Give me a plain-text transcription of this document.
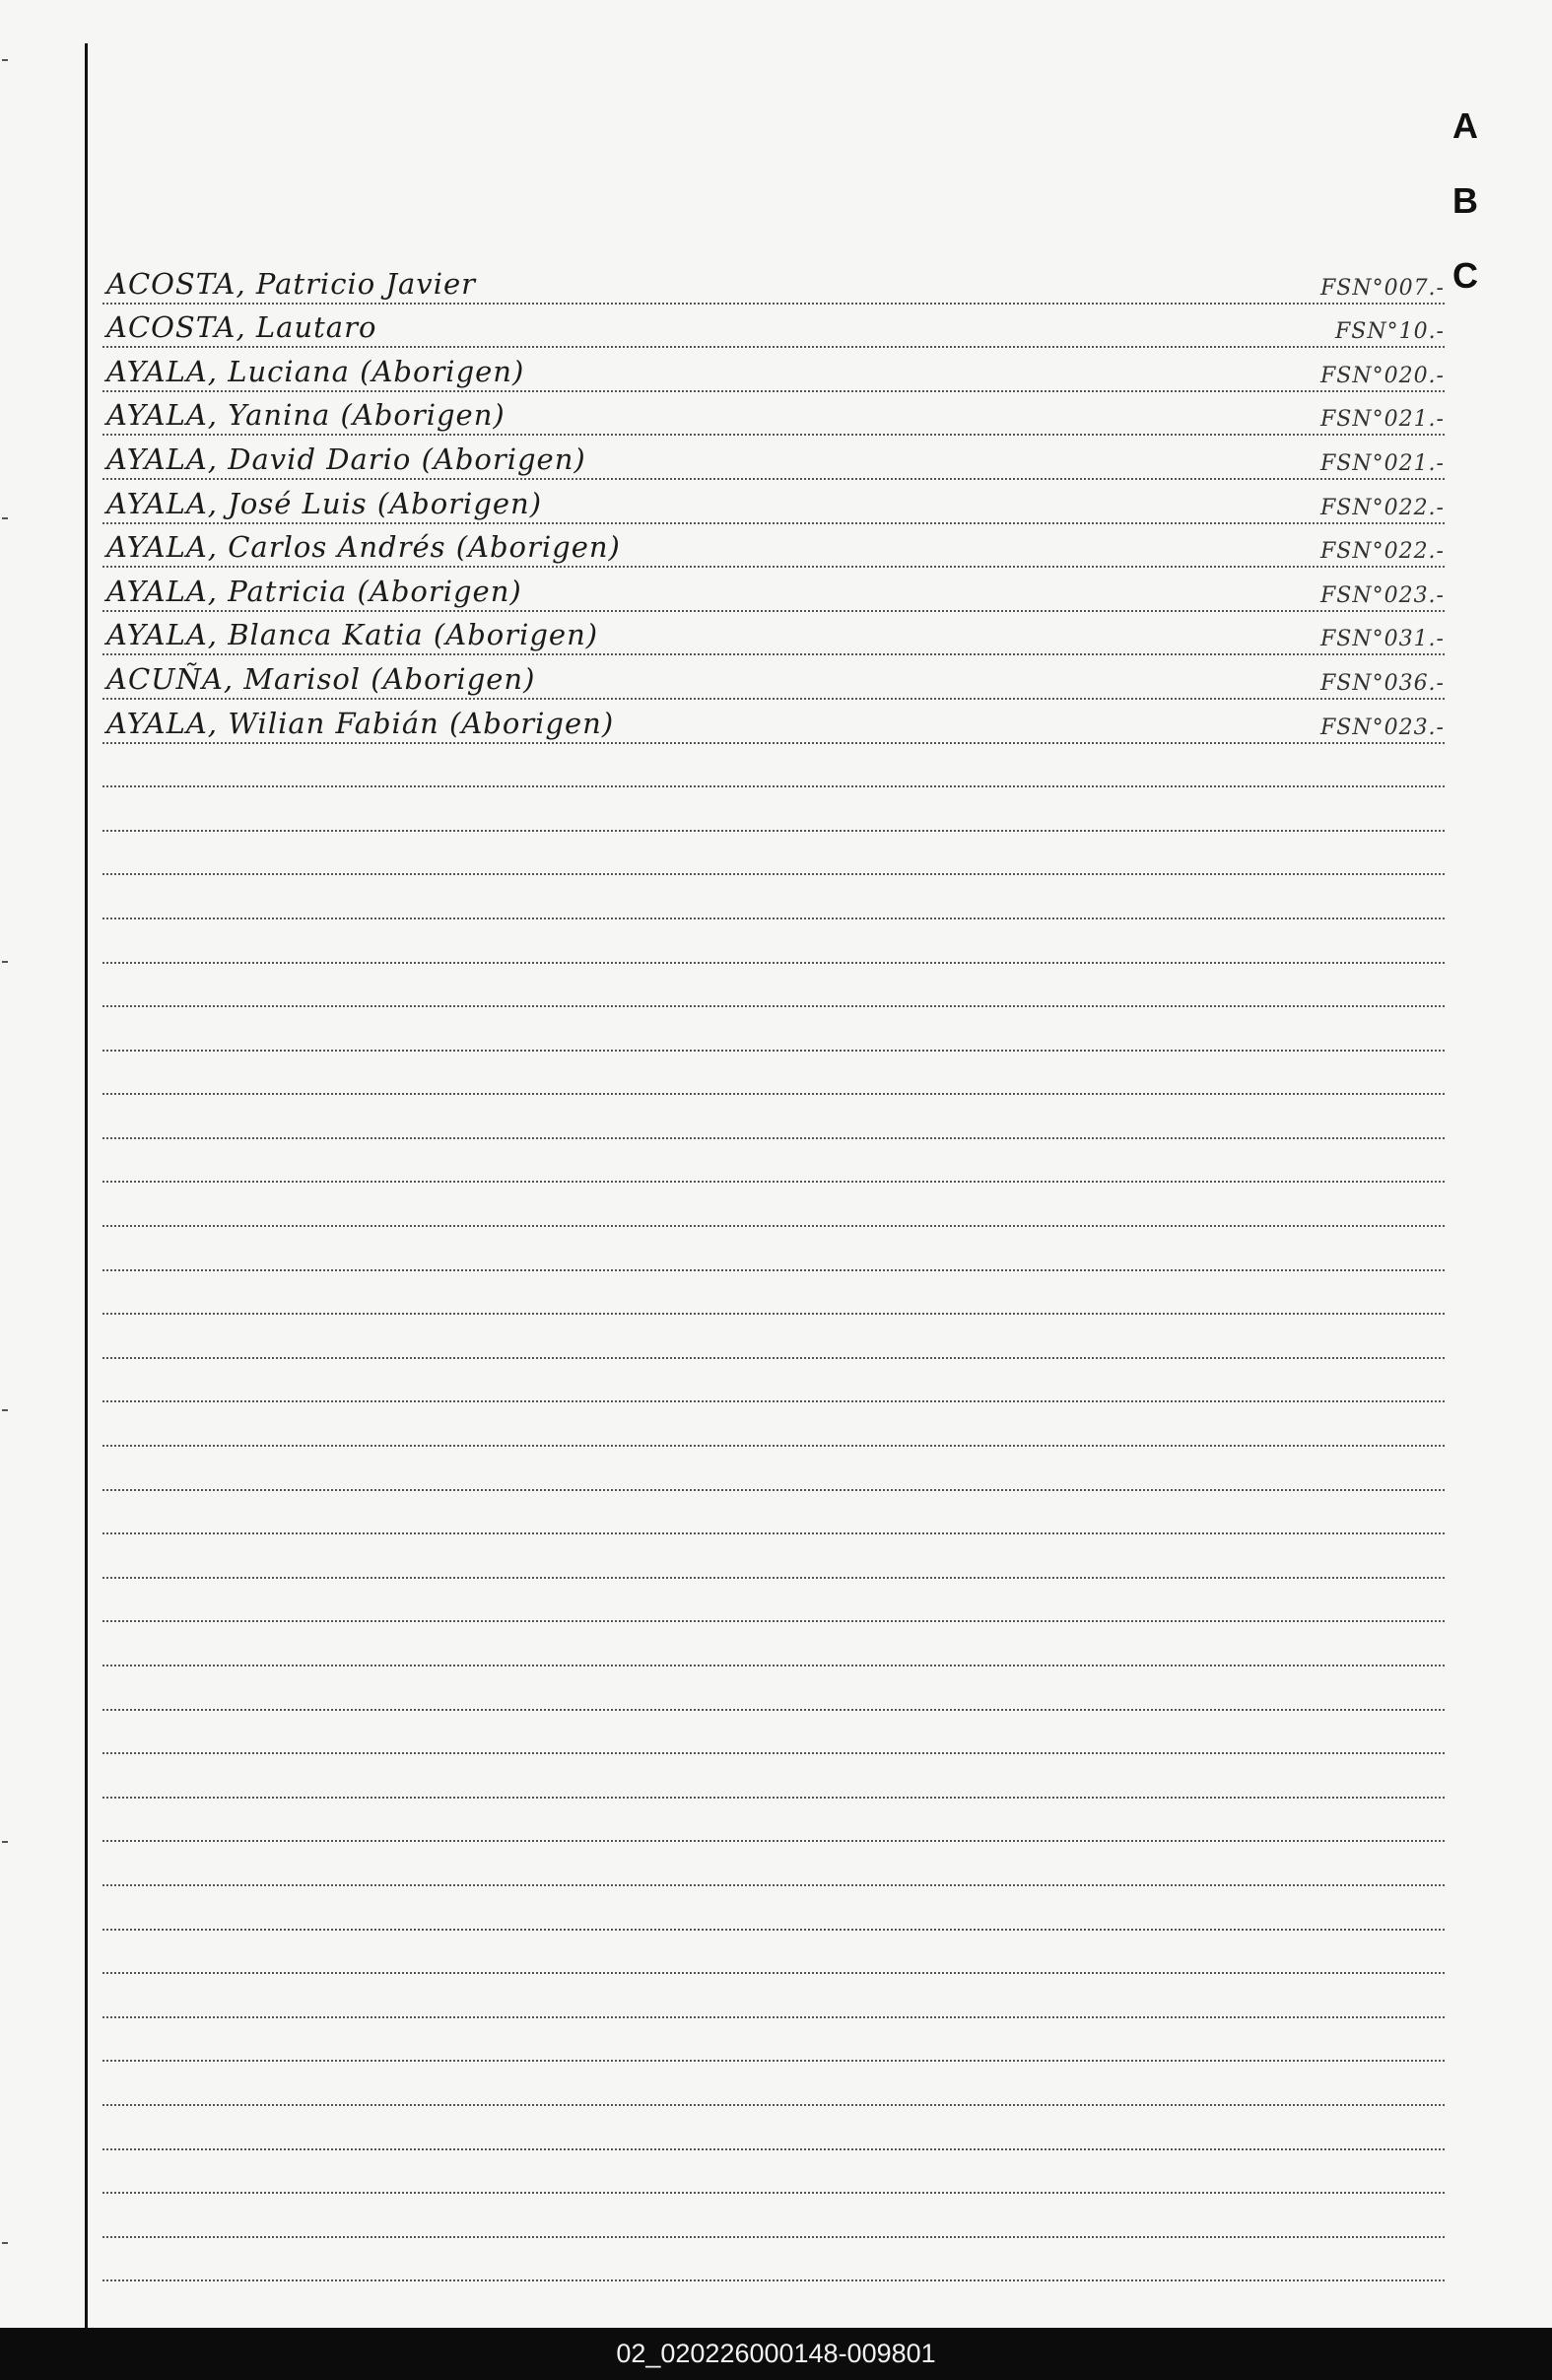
A
B
C
ACOSTA, Patricio Javier	FSN°007.-
ACOSTA, Lautaro	FSN°10.-
AYALA, Luciana (Aborigen)	FSN°020.-
AYALA, Yanina (Aborigen)	FSN°021.-
AYALA, David Dario (Aborigen)	FSN°021.-
AYALA, José Luis (Aborigen)	FSN°022.-
AYALA, Carlos Andrés (Aborigen)	FSN°022.-
AYALA, Patricia (Aborigen)	FSN°023.-
AYALA, Blanca Katia (Aborigen)	FSN°031.-
ACUÑA, Marisol (Aborigen)	FSN°036.-
AYALA, Wilian Fabián (Aborigen)	FSN°023.-
02_020226000148-009801
